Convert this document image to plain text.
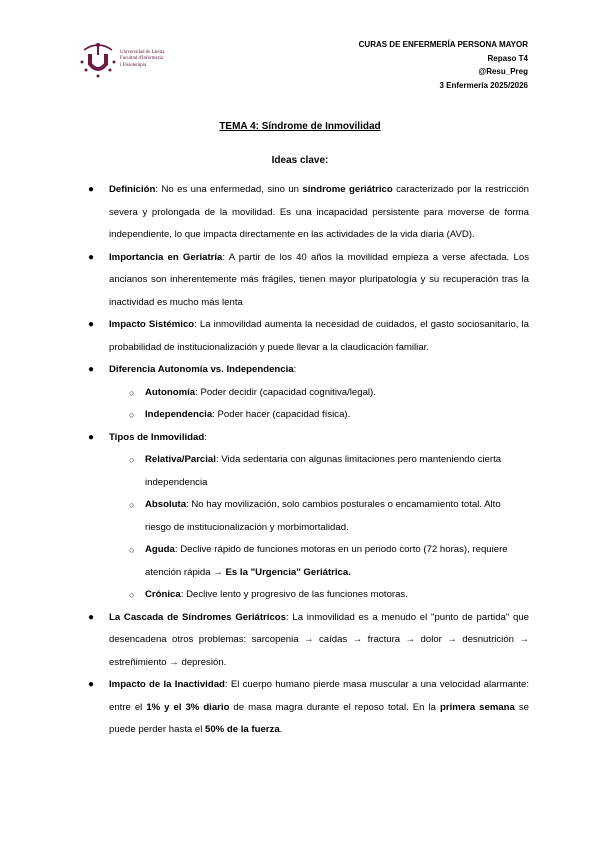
Universidad de Lleida
Facultad d'Infermeria
i Fisioteràpia
CURAS DE ENFERMERÍA PERSONA MAYOR
Repaso T4
@Resu_Preg
3 Enfermería 2025/2026
TEMA 4: Síndrome de Inmovilidad
Ideas clave:
●	Definición: No es una enfermedad, sino un síndrome geriátrico caracterizado por la restricción severa y prolongada de la movilidad. Es una incapacidad persistente para moverse de forma independiente, lo que impacta directamente en las actividades de la vida diaria (AVD).
●	Importancia en Geriatría: A partir de los 40 años la movilidad empieza a verse afectada. Los ancianos son inherentemente más frágiles, tienen mayor pluripatología y su recuperación tras la inactividad es mucho más lenta
●	Impacto Sistémico: La inmovilidad aumenta la necesidad de cuidados, el gasto sociosanitario, la probabilidad de institucionalización y puede llevar a la claudicación familiar.
●	Diferencia Autonomía vs. Independencia:
○ Autonomía: Poder decidir (capacidad cognitiva/legal).
○ Independencia: Poder hacer (capacidad física).
●	Tipos de Inmovilidad:
○ Relativa/Parcial: Vida sedentaria con algunas limitaciones pero manteniendo cierta independencia
○ Absoluta: No hay movilización, solo cambios posturales o encamamiento total. Alto riesgo de institucionalización y morbimortalidad.
○ Aguda: Declive rápido de funciones motoras en un periodo corto (72 horas), requiere atención rápida → Es la "Urgencia" Geriátrica.
○ Crónica: Declive lento y progresivo de las funciones motoras.
●	La Cascada de Síndromes Geriátricos: La inmovilidad es a menudo el "punto de partida" que desencadena otros problemas: sarcopenia → caídas → fractura → dolor → desnutrición → estreñimiento → depresión.
●	Impacto de la Inactividad: El cuerpo humano pierde masa muscular a una velocidad alarmante: entre el 1% y el 3% diario de masa magra durante el reposo total. En la primera semana se puede perder hasta el 50% de la fuerza.
